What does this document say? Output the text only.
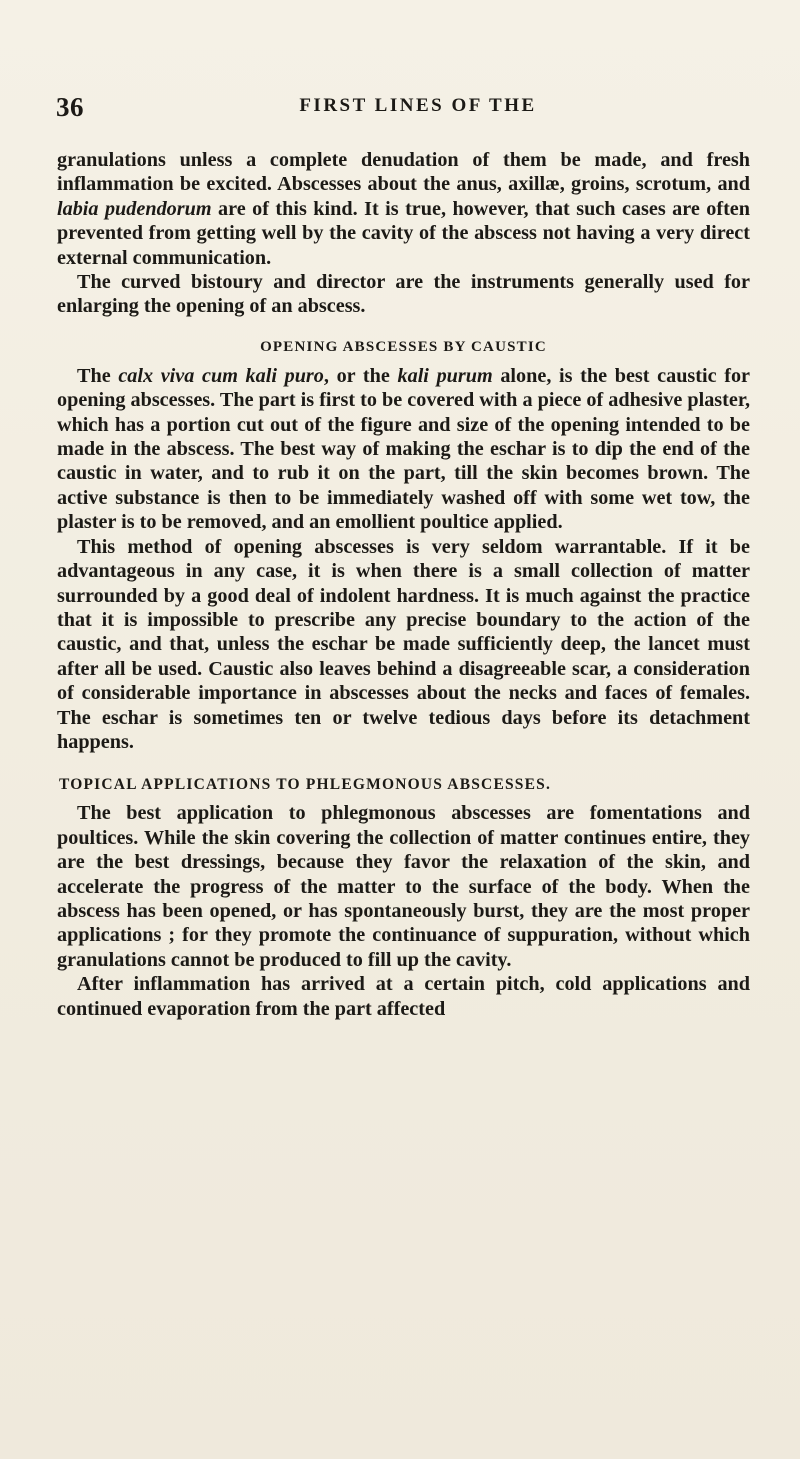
36	FIRST LINES OF THE

granulations unless a complete denudation of them be made, and fresh inflammation be excited. Abscesses about the anus, axillæ, groins, scrotum, and labia pudendorum are of this kind. It is true, however, that such cases are often prevented from getting well by the cavity of the abscess not having a very direct external communication.

The curved bistoury and director are the instruments generally used for enlarging the opening of an abscess.

OPENING ABSCESSES BY CAUSTIC

The calx viva cum kali puro, or the kali purum alone, is the best caustic for opening abscesses. The part is first to be covered with a piece of adhesive plaster, which has a portion cut out of the figure and size of the opening intended to be made in the abscess. The best way of making the eschar is to dip the end of the caustic in water, and to rub it on the part, till the skin becomes brown. The active substance is then to be immediately washed off with some wet tow, the plaster is to be removed, and an emollient poultice applied.

This method of opening abscesses is very seldom warrantable. If it be advantageous in any case, it is when there is a small collection of matter surrounded by a good deal of indolent hardness. It is much against the practice that it is impossible to prescribe any precise boundary to the action of the caustic, and that, unless the eschar be made sufficiently deep, the lancet must after all be used. Caustic also leaves behind a disagreeable scar, a consideration of considerable importance in abscesses about the necks and faces of females. The eschar is sometimes ten or twelve tedious days before its detachment happens.

TOPICAL APPLICATIONS TO PHLEGMONOUS ABSCESSES.

The best application to phlegmonous abscesses are fomentations and poultices. While the skin covering the collection of matter continues entire, they are the best dressings, because they favor the relaxation of the skin, and accelerate the progress of the matter to the surface of the body. When the abscess has been opened, or has spontaneously burst, they are the most proper applications ; for they promote the continuance of suppuration, without which granulations cannot be produced to fill up the cavity.

After inflammation has arrived at a certain pitch, cold applications and continued evaporation from the part affected
